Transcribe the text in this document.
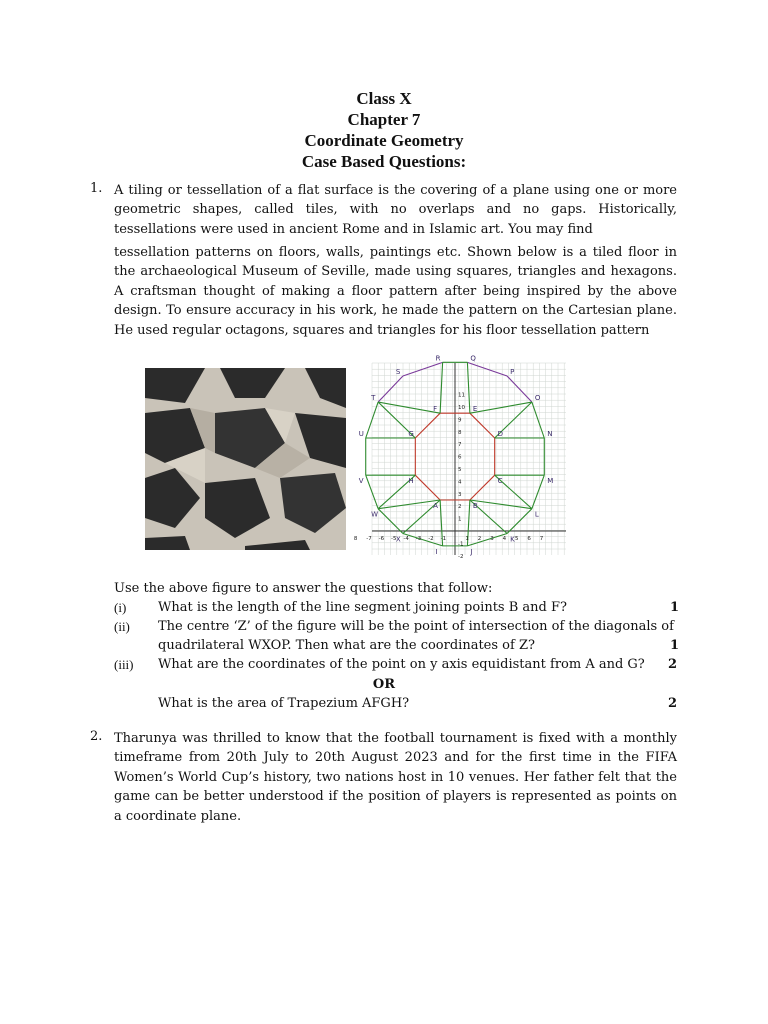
Class X
Chapter 7
Coordinate Geometry
Case Based Questions:
1. A tiling or tessellation of a flat surface is the covering of a plane using one or more geometric shapes, called tiles, with no overlaps and no gaps. Historically, tessellations were used in ancient Rome and in Islamic art. You may find
tessellation patterns on floors, walls, paintings etc. Shown below is a tiled floor in the archaeological Museum of Seville, made using squares, triangles and hexagons. A craftsman thought of making a floor pattern after being inspired by the above design. To ensure accuracy in his work, he made the pattern on the Cartesian plane. He used regular octagons, squares and triangles for his floor tessellation pattern
R	Q
S	P
T	O
U	N
V	M
W	L
X	K
F	E
G	D
H	C
A	B
I	J
8 -7 -6 -5 -4 -3 -2 -1	1 2 3 4 5 6 7
11
10
9
8
7
6
5
4
3
2
1
-1
-2
Use the above figure to answer the questions that follow:
(i) What is the length of the line segment joining points B and F?	1
(ii) The centre ‘Z’ of the figure will be the point of intersection of the diagonals of
quadrilateral WXOP. Then what are the coordinates of Z?	1
(iii) What are the coordinates of the point on y axis equidistant from A and G? 2
OR
What is the area of Trapezium AFGH?	2
2. Tharunya was thrilled to know that the football tournament is fixed with a monthly timeframe from 20th July to 20th August 2023 and for the first time in the FIFA Women’s World Cup’s history, two nations host in 10 venues. Her father felt that the game can be better understood if the position of players is represented as points on a coordinate plane.
